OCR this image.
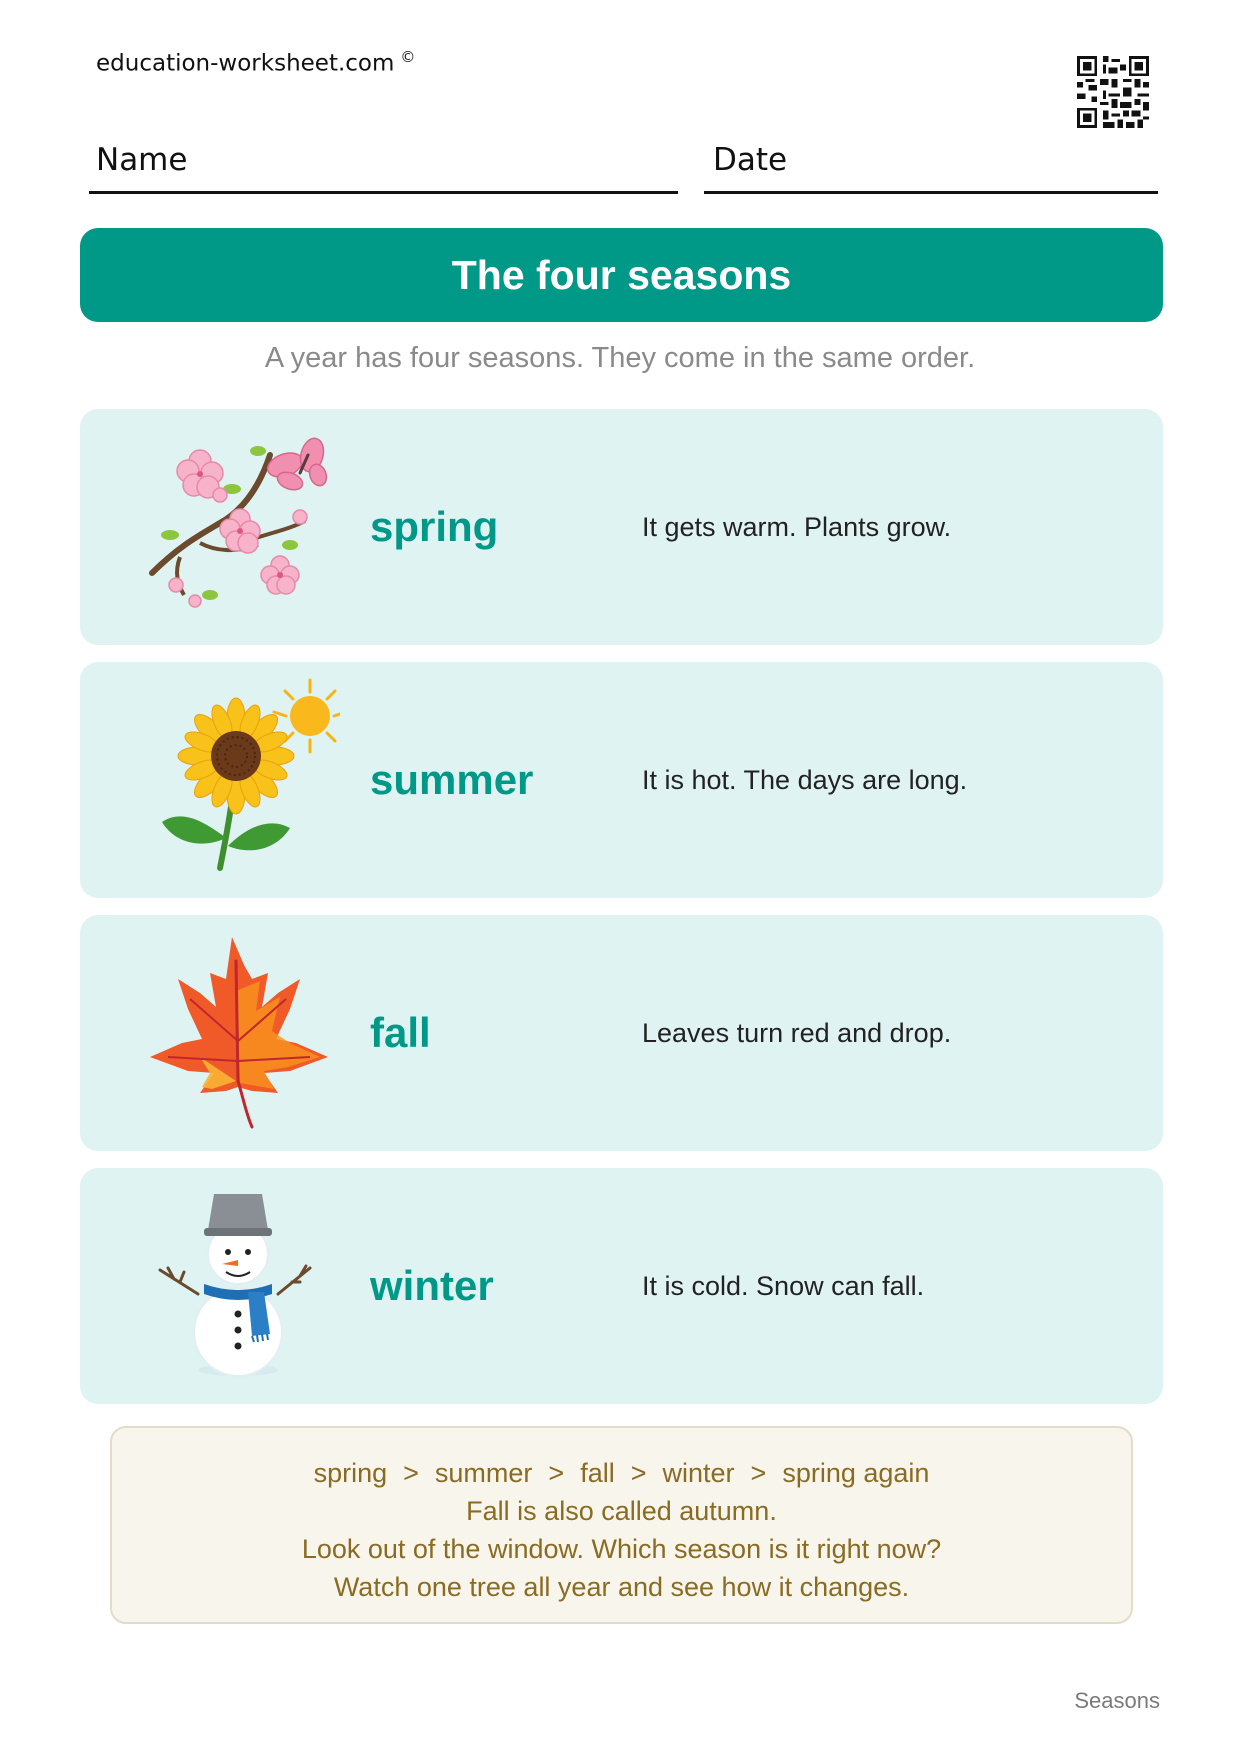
education-worksheet.com ©
Name	Date
The four seasons
A year has four seasons. They come in the same order.
spring	It gets warm. Plants grow.
summer	It is hot. The days are long.
fall	Leaves turn red and drop.
winter	It is cold. Snow can fall.
spring > summer > fall > winter > spring again
Fall is also called autumn.
Look out of the window. Which season is it right now?
Watch one tree all year and see how it changes.
Seasons
